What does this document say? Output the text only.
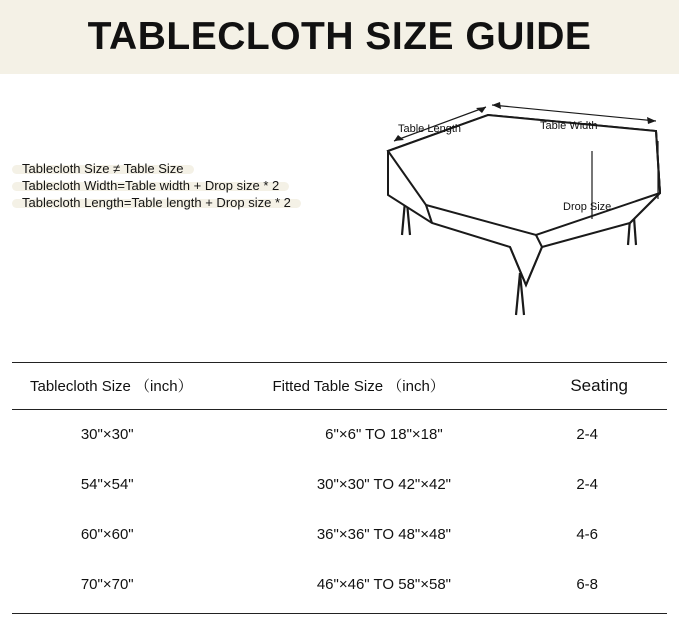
TABLECLOTH SIZE GUIDE
Tablecloth Size ≠ Table Size
Tablecloth Width=Table width + Drop size * 2
Tablecloth Length=Table length + Drop size * 2
Table Length	Table Width
Drop Size
Tablecloth Size （inch）	Fitted Table Size （inch）	Seating
30"×30"	6"×6" TO 18"×18"	2-4
54"×54"	30"×30" TO 42"×42"	2-4
60"×60"	36"×36" TO 48"×48"	4-6
70"×70"	46"×46" TO 58"×58"	6-8
